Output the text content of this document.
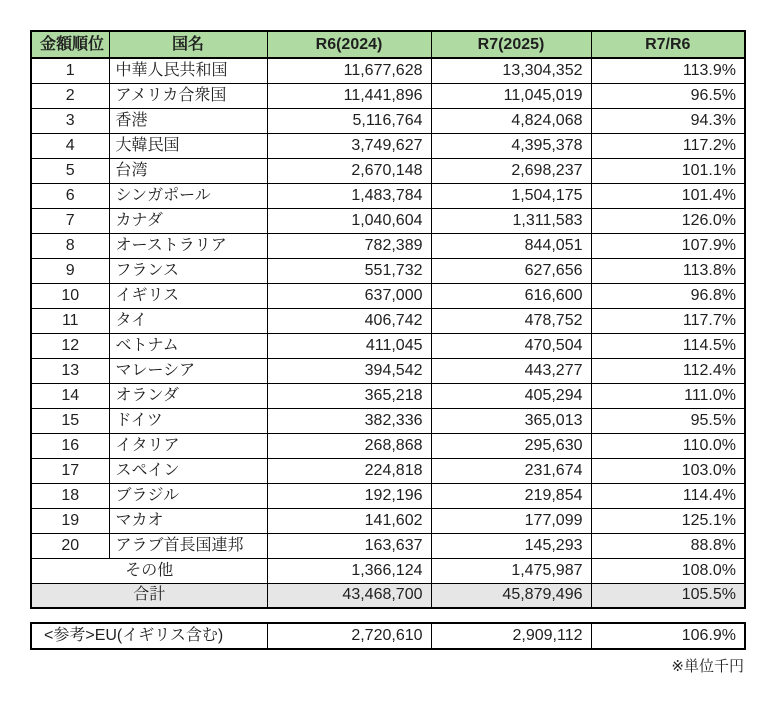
金額順位	国名	R6(2024)	R7(2025)	R7/R6
1	中華人民共和国	11,677,628	13,304,352	113.9%
2	アメリカ合衆国	11,441,896	11,045,019	96.5%
3	香港	5,116,764	4,824,068	94.3%
4	大韓民国	3,749,627	4,395,378	117.2%
5	台湾	2,670,148	2,698,237	101.1%
6	シンガポール	1,483,784	1,504,175	101.4%
7	カナダ	1,040,604	1,311,583	126.0%
8	オーストラリア	782,389	844,051	107.9%
9	フランス	551,732	627,656	113.8%
10	イギリス	637,000	616,600	96.8%
11	タイ	406,742	478,752	117.7%
12	ベトナム	411,045	470,504	114.5%
13	マレーシア	394,542	443,277	112.4%
14	オランダ	365,218	405,294	111.0%
15	ドイツ	382,336	365,013	95.5%
16	イタリア	268,868	295,630	110.0%
17	スペイン	224,818	231,674	103.0%
18	ブラジル	192,196	219,854	114.4%
19	マカオ	141,602	177,099	125.1%
20	アラブ首長国連邦	163,637	145,293	88.8%
その他		1,366,124	1,475,987	108.0%
合計		43,468,700	45,879,496	105.5%
<参考>EU(イギリス含む)	2,720,610	2,909,112	106.9%
※単位千円
